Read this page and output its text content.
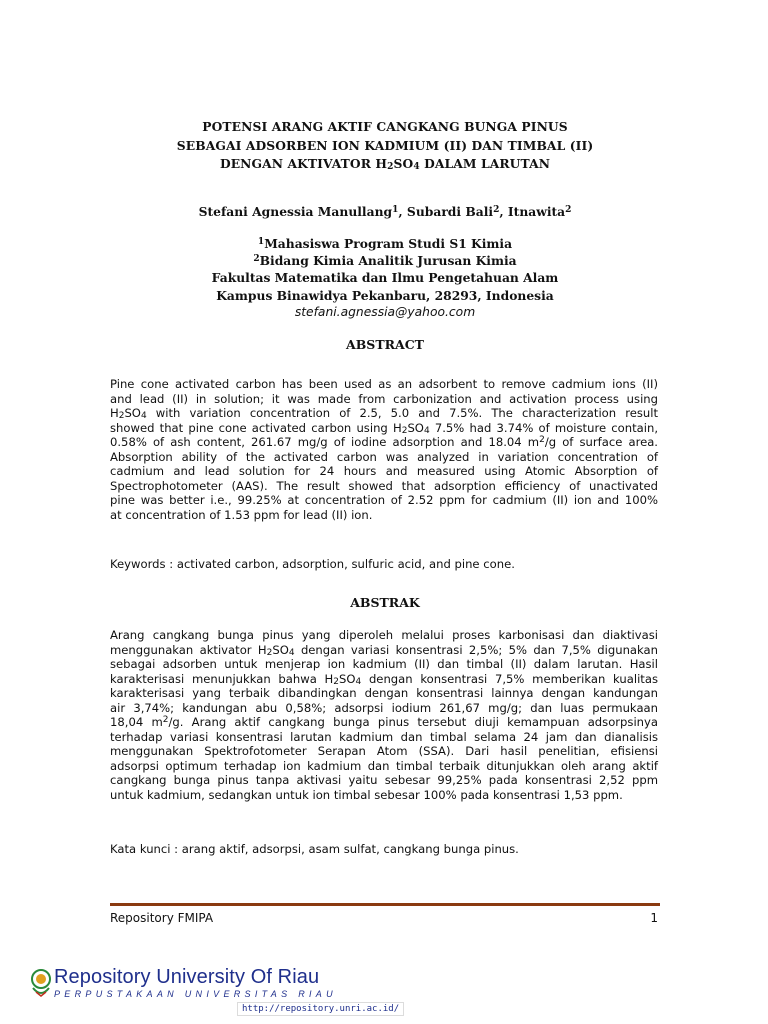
POTENSI ARANG AKTIF CANGKANG BUNGA PINUS
SEBAGAI ADSORBEN ION KADMIUM (II) DAN TIMBAL (II)
DENGAN AKTIVATOR $H_2SO_4$ DALAM LARUTAN
Stefani Agnessia Manullang$^1$, Subardi Bali$^2$, Itnawita$^2$
$^1$Mahasiswa Program Studi S1 Kimia
$^2$Bidang Kimia Analitik Jurusan Kimia
Fakultas Matematika dan Ilmu Pengetahuan Alam
Kampus Binawidya Pekanbaru, 28293, Indonesia
stefani.agnessia@yahoo.com
ABSTRACT
Pine cone activated carbon has been used as an adsorbent to remove cadmium ions (II)
and lead (II) in solution; it was made from carbonization and activation process using
$H_2SO_4$ with variation concentration of 2.5, 5.0 and 7.5%. The characterization result
showed that pine cone activated carbon using $H_2SO_4$ 7.5% had 3.74% of moisture contain,
0.58% of ash content, 261.67 mg/g of iodine adsorption and 18.04 $m^2/g$ of surface area.
Absorption ability of the activated carbon was analyzed in variation concentration of
cadmium and lead solution for 24 hours and measured using Atomic Absorption of
Spectrophotometer (AAS). The result showed that adsorption efficiency of unactivated
pine was better i.e., 99.25% at concentration of 2.52 ppm for cadmium (II) ion and 100%
at concentration of 1.53 ppm for lead (II) ion.
Keywords : activated carbon, adsorption, sulfuric acid, and pine cone.
ABSTRAK
Arang cangkang bunga pinus yang diperoleh melalui proses karbonisasi dan diaktivasi
menggunakan aktivator $H_2SO_4$ dengan variasi konsentrasi 2,5%; 5% dan 7,5% digunakan
sebagai adsorben untuk menjerap ion kadmium (II) dan timbal (II) dalam larutan. Hasil
karakterisasi menunjukkan bahwa $H_2SO_4$ dengan konsentrasi 7,5% memberikan kualitas
karakterisasi yang terbaik dibandingkan dengan konsentrasi lainnya dengan kandungan
air 3,74%; kandungan abu 0,58%; adsorpsi iodium 261,67 mg/g; dan luas permukaan
18,04 $m^2/g$. Arang aktif cangkang bunga pinus tersebut diuji kemampuan adsorpsinya
terhadap variasi konsentrasi larutan kadmium dan timbal selama 24 jam dan dianalisis
menggunakan Spektrofotometer Serapan Atom (SSA). Dari hasil penelitian, efisiensi
adsorpsi optimum terhadap ion kadmium dan timbal terbaik ditunjukkan oleh arang aktif
cangkang bunga pinus tanpa aktivasi yaitu sebesar 99,25% pada konsentrasi 2,52 ppm
untuk kadmium, sedangkan untuk ion timbal sebesar 100% pada konsentrasi 1,53 ppm.
Kata kunci : arang aktif, adsorpsi, asam sulfat, cangkang bunga pinus.
Repository FMIPA	1
Repository University Of Riau
PERPUSTAKAAN UNIVERSITAS RIAU
http://repository.unri.ac.id/
